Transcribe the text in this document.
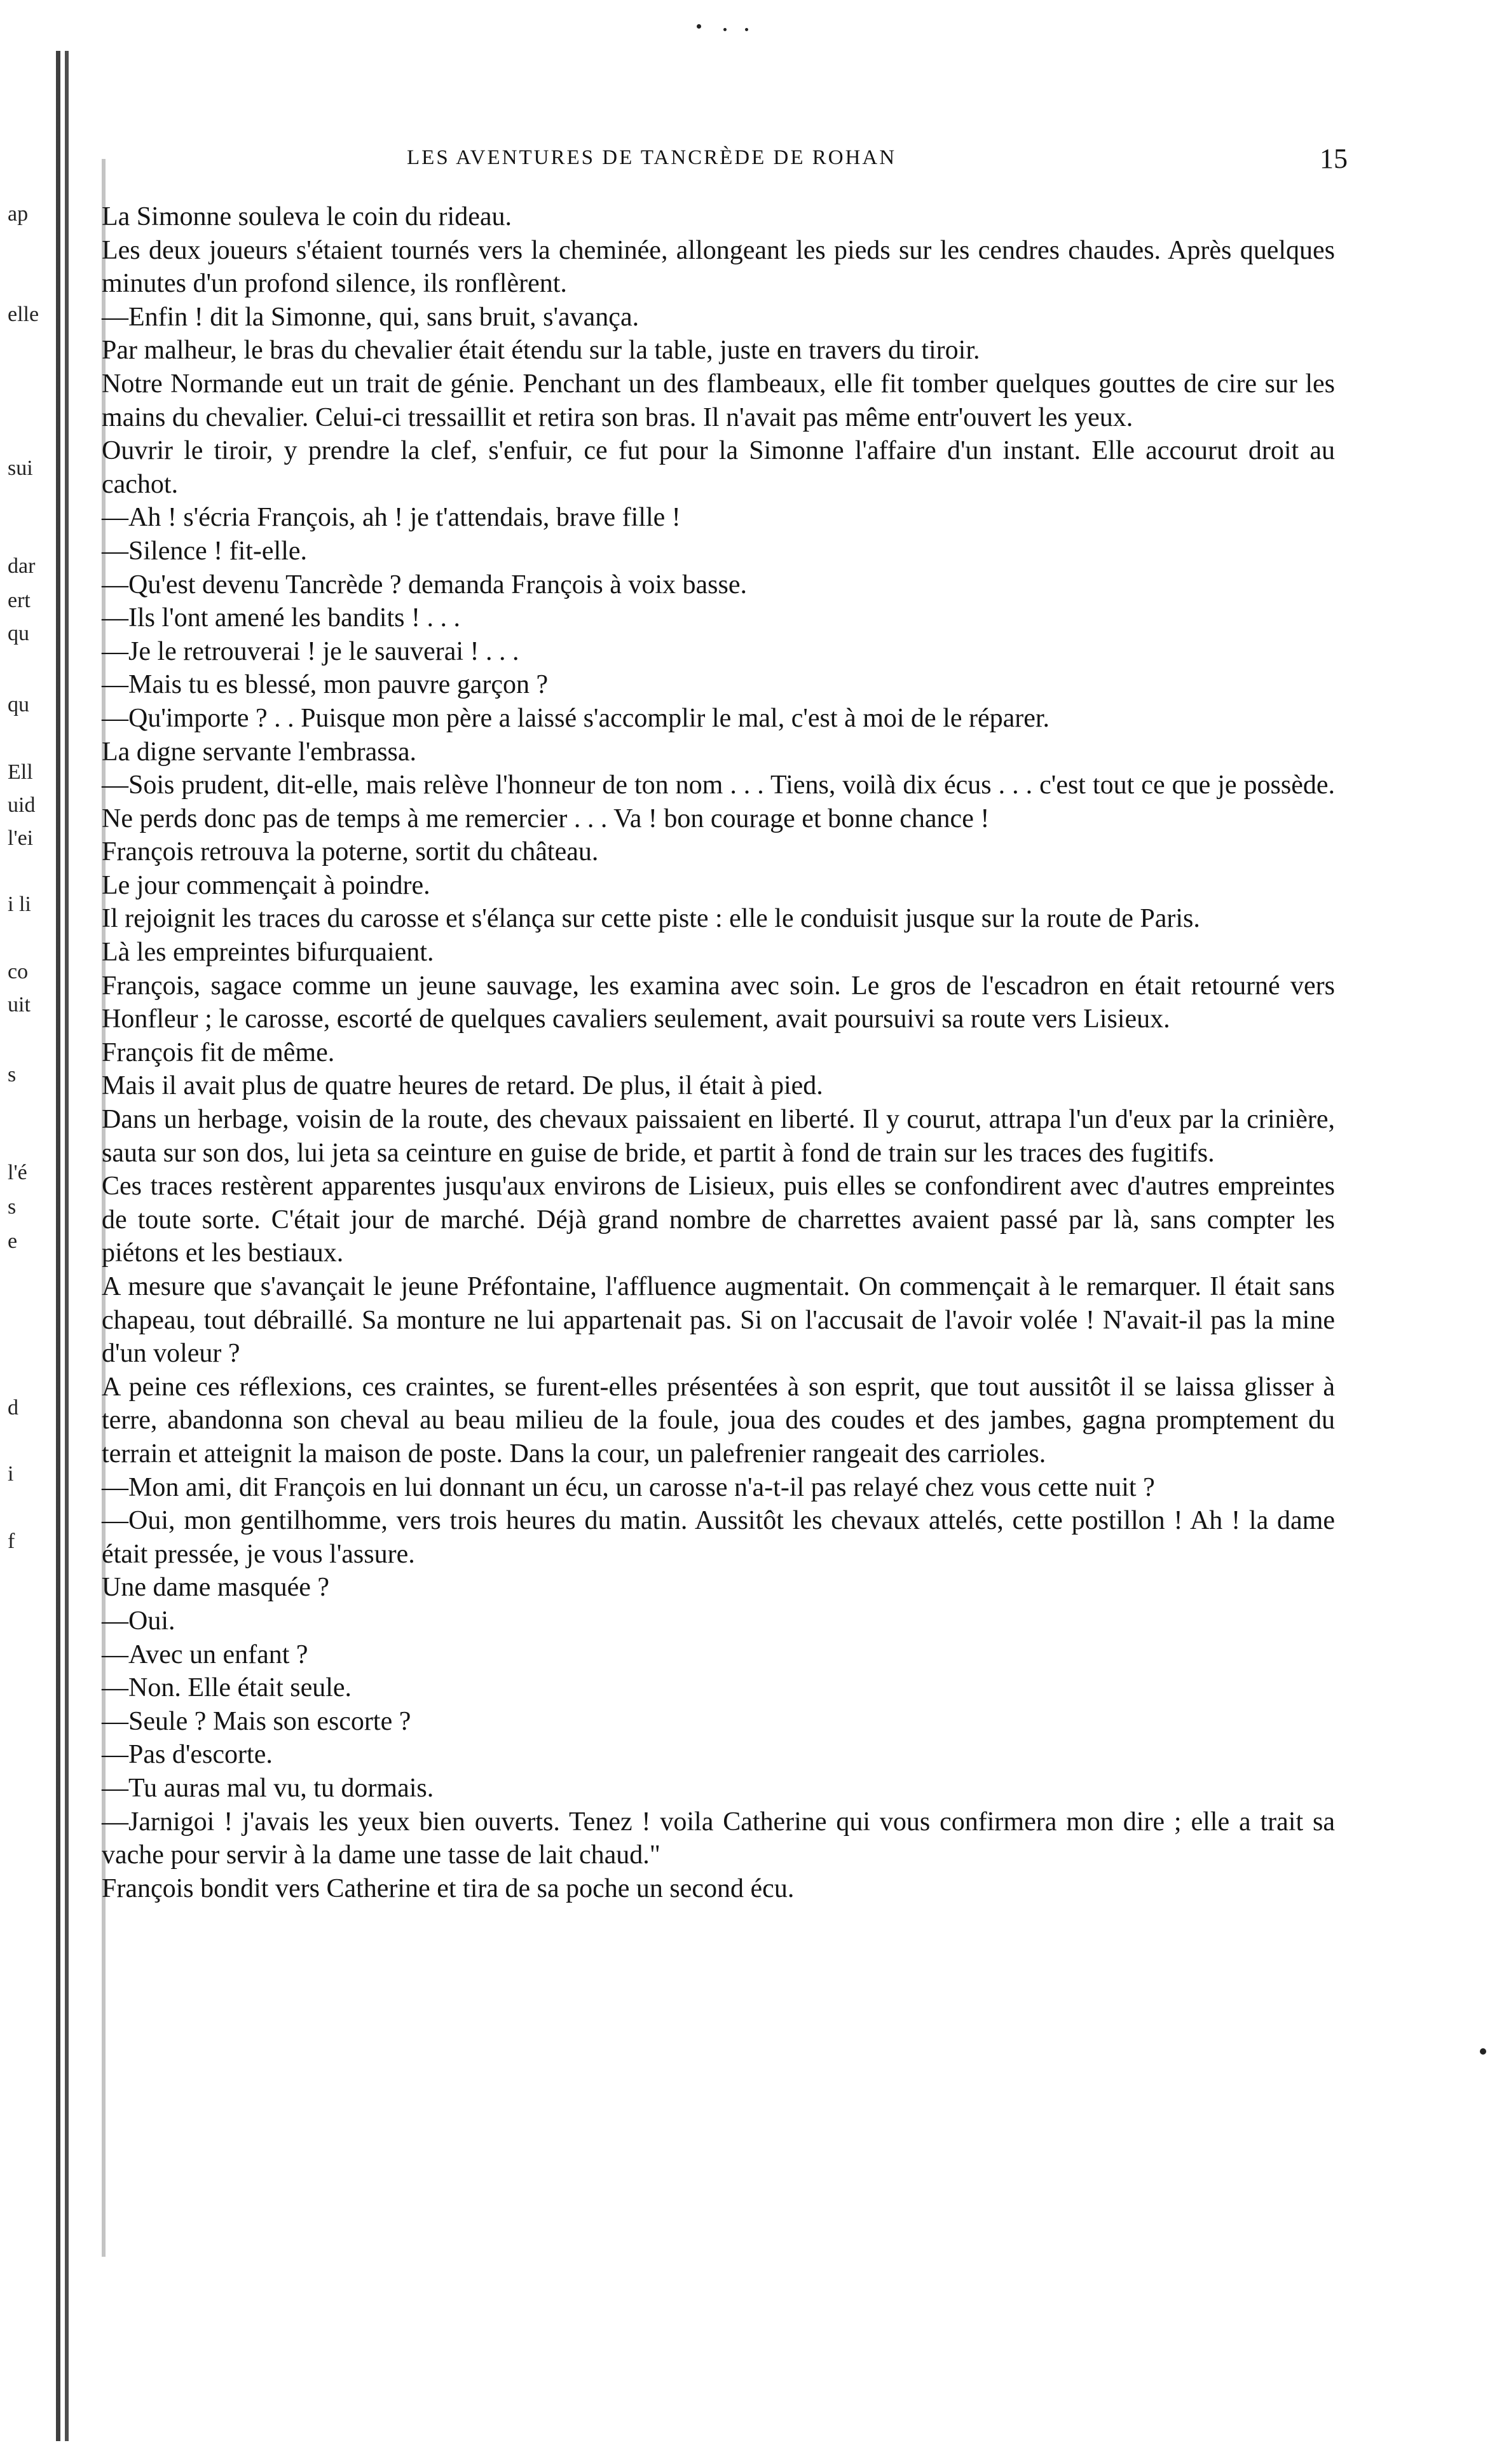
ap
elle
sui
dar
ert
qu
qu
Ell
uid
l'ei
i li
co
uit
s
l'é
s
e
d
i
f
LES AVENTURES DE TANCRÈDE DE ROHAN	15

La Simonne souleva le coin du rideau.

Les deux joueurs s'étaient tournés vers la cheminée, allongeant les pieds sur les cendres chaudes. Après quelques minutes d'un profond silence, ils ronflèrent.

—Enfin ! dit la Simonne, qui, sans bruit, s'avança.

Par malheur, le bras du chevalier était étendu sur la table, juste en travers du tiroir.

Notre Normande eut un trait de génie. Penchant un des flambeaux, elle fit tomber quelques gouttes de cire sur les mains du chevalier. Celui-ci tressaillit et retira son bras. Il n'avait pas même entr'ouvert les yeux.

Ouvrir le tiroir, y prendre la clef, s'enfuir, ce fut pour la Simonne l'affaire d'un instant. Elle accourut droit au cachot.

—Ah ! s'écria François, ah ! je t'attendais, brave fille !

—Silence ! fit-elle.

—Qu'est devenu Tancrède ? demanda François à voix basse.

—Ils l'ont amené les bandits ! . . .

—Je le retrouverai ! je le sauverai ! . . .

—Mais tu es blessé, mon pauvre garçon ?

—Qu'importe ? . . Puisque mon père a laissé s'accomplir le mal, c'est à moi de le réparer.

La digne servante l'embrassa.

—Sois prudent, dit-elle, mais relève l'honneur de ton nom . . . Tiens, voilà dix écus . . . c'est tout ce que je possède. Ne perds donc pas de temps à me remercier . . . Va ! bon courage et bonne chance !

François retrouva la poterne, sortit du château.

Le jour commençait à poindre.

Il rejoignit les traces du carosse et s'élança sur cette piste : elle le conduisit jusque sur la route de Paris.

Là les empreintes bifurquaient.

François, sagace comme un jeune sauvage, les examina avec soin. Le gros de l'escadron en était retourné vers Honfleur ; le carosse, escorté de quelques cavaliers seulement, avait poursuivi sa route vers Lisieux.

François fit de même.

Mais il avait plus de quatre heures de retard. De plus, il était à pied.

Dans un herbage, voisin de la route, des chevaux paissaient en liberté. Il y courut, attrapa l'un d'eux par la crinière, sauta sur son dos, lui jeta sa ceinture en guise de bride, et partit à fond de train sur les traces des fugitifs.

Ces traces restèrent apparentes jusqu'aux environs de Lisieux, puis elles se confondirent avec d'autres empreintes de toute sorte. C'était jour de marché. Déjà grand nombre de charrettes avaient passé par là, sans compter les piétons et les bestiaux.

A mesure que s'avançait le jeune Préfontaine, l'affluence augmentait. On commençait à le remarquer. Il était sans chapeau, tout débraillé. Sa monture ne lui appartenait pas. Si on l'accusait de l'avoir volée ! N'avait-il pas la mine d'un voleur ?

A peine ces réflexions, ces craintes, se furent-elles présentées à son esprit, que tout aussitôt il se laissa glisser à terre, abandonna son cheval au beau milieu de la foule, joua des coudes et des jambes, gagna promptement du terrain et atteignit la maison de poste. Dans la cour, un palefrenier rangeait des carrioles.

—Mon ami, dit François en lui donnant un écu, un carosse n'a-t-il pas relayé chez vous cette nuit ?

—Oui, mon gentilhomme, vers trois heures du matin. Aussitôt les chevaux attelés, cette postillon ! Ah ! la dame était pressée, je vous l'assure.

Une dame masquée ?

—Oui.

—Avec un enfant ?

—Non. Elle était seule.

—Seule ? Mais son escorte ?

—Pas d'escorte.

—Tu auras mal vu, tu dormais.

—Jarnigoi ! j'avais les yeux bien ouverts. Tenez ! voila Catherine qui vous confirmera mon dire ; elle a trait sa vache pour servir à la dame une tasse de lait chaud."

François bondit vers Catherine et tira de sa poche un second écu.
